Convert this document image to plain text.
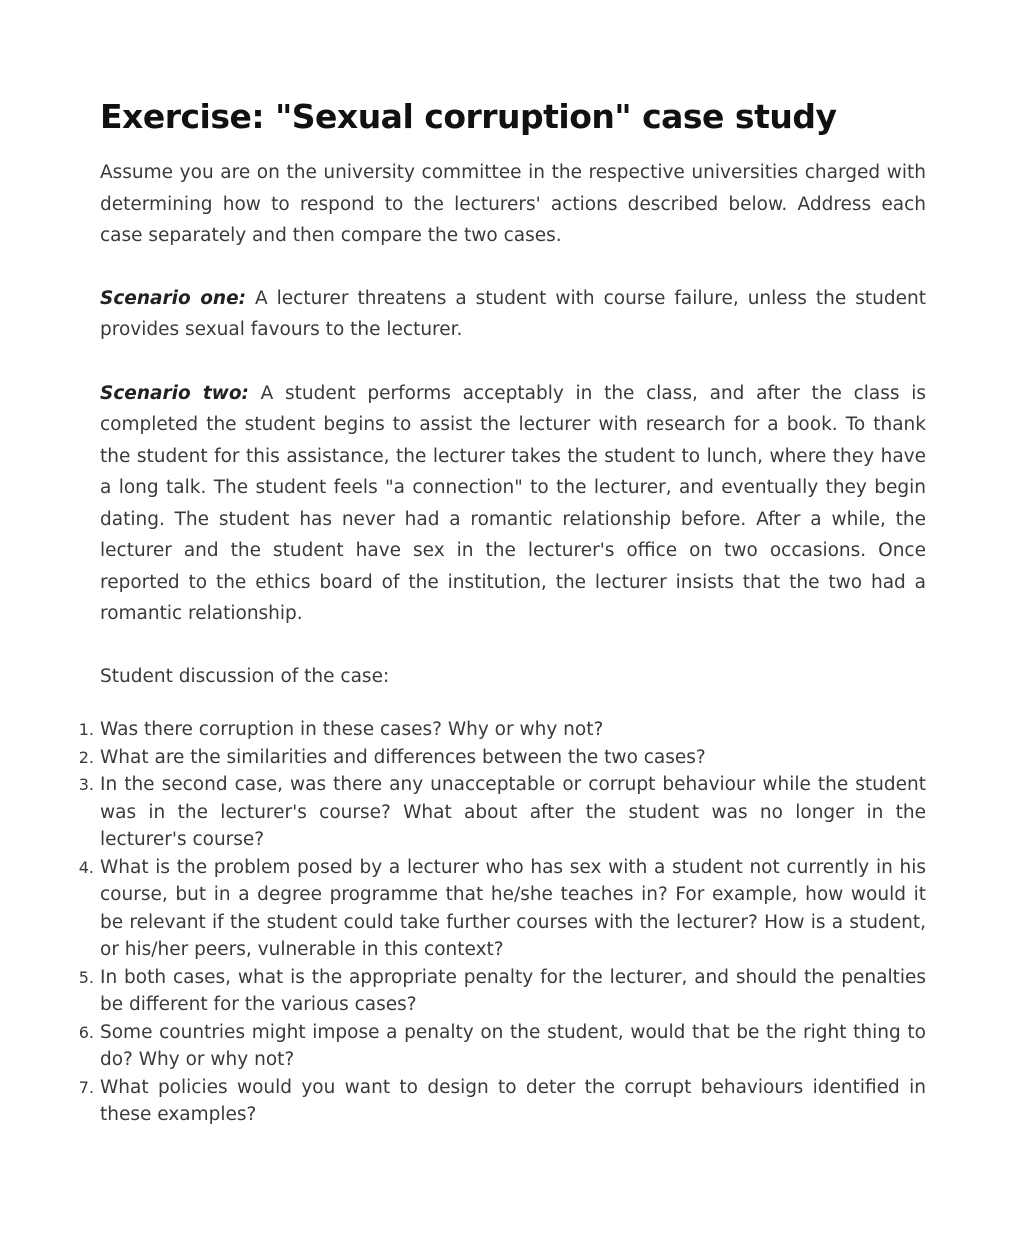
Exercise: "Sexual corruption" case study

Assume you are on the university committee in the respective universities charged with determining how to respond to the lecturers' actions described below. Address each case separately and then compare the two cases.

Scenario one: A lecturer threatens a student with course failure, unless the student provides sexual favours to the lecturer.

Scenario two: A student performs acceptably in the class, and after the class is completed the student begins to assist the lecturer with research for a book. To thank the student for this assistance, the lecturer takes the student to lunch, where they have a long talk. The student feels "a connection" to the lecturer, and eventually they begin dating. The student has never had a romantic relationship before. After a while, the lecturer and the student have sex in the lecturer's office on two occasions. Once reported to the ethics board of the institution, the lecturer insists that the two had a romantic relationship.

Student discussion of the case:

1. Was there corruption in these cases? Why or why not?
2. What are the similarities and differences between the two cases?
3. In the second case, was there any unacceptable or corrupt behaviour while the student was in the lecturer's course? What about after the student was no longer in the lecturer's course?
4. What is the problem posed by a lecturer who has sex with a student not currently in his course, but in a degree programme that he/she teaches in? For example, how would it be relevant if the student could take further courses with the lecturer? How is a student, or his/her peers, vulnerable in this context?
5. In both cases, what is the appropriate penalty for the lecturer, and should the penalties be different for the various cases?
6. Some countries might impose a penalty on the student, would that be the right thing to do? Why or why not?
7. What policies would you want to design to deter the corrupt behaviours identified in these examples?
